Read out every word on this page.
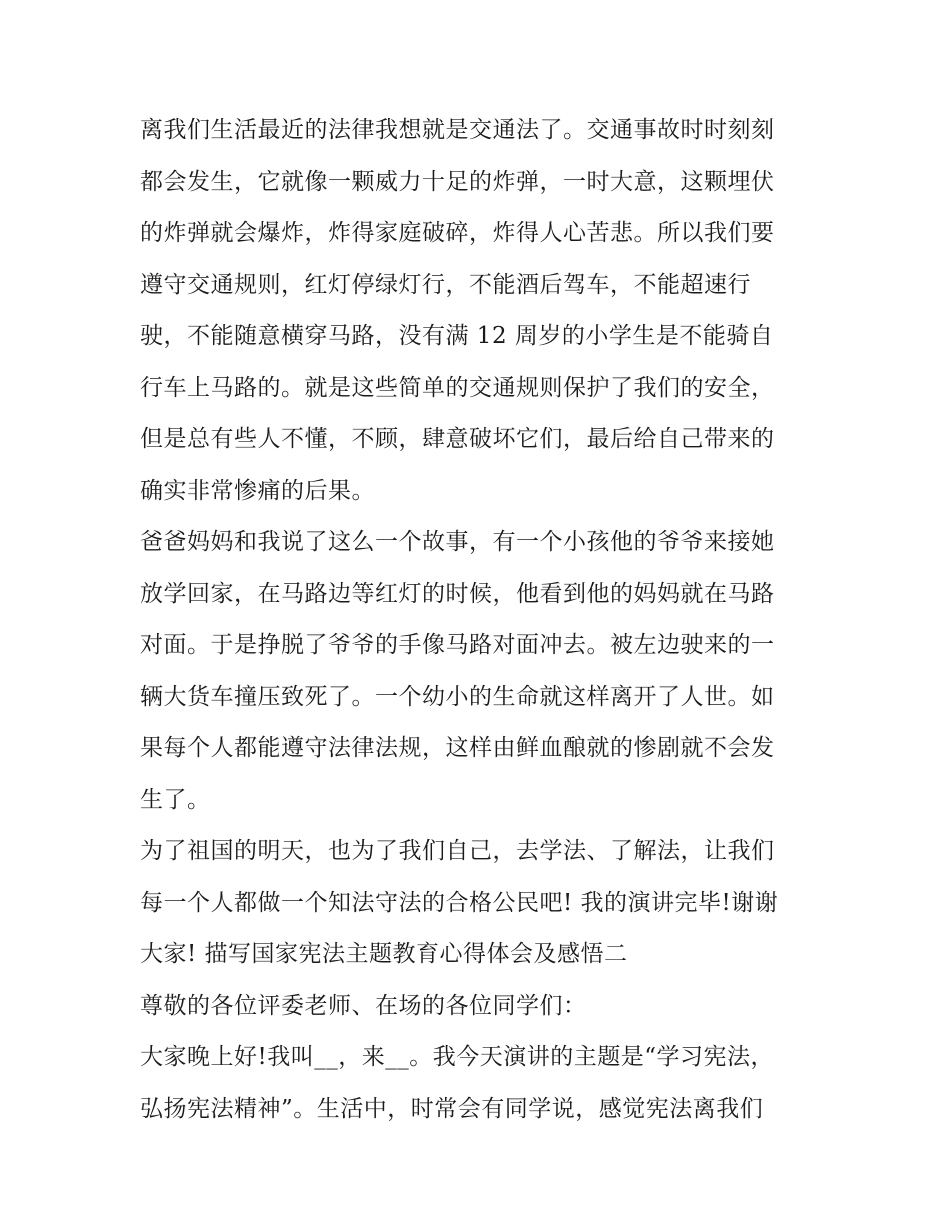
离我们生活最近的法律我想就是交通法了。交通事故时时刻刻
都会发生，它就像一颗威力十足的炸弹，一时大意，这颗埋伏
的炸弹就会爆炸，炸得家庭破碎，炸得人心苦悲。所以我们要
遵守交通规则，红灯停绿灯行，不能酒后驾车，不能超速行
驶，不能随意横穿马路，没有满 12 周岁的小学生是不能骑自
行车上马路的。就是这些简单的交通规则保护了我们的安全，
但是总有些人不懂，不顾，肆意破坏它们，最后给自己带来的
确实非常惨痛的后果。
爸爸妈妈和我说了这么一个故事，有一个小孩他的爷爷来接她
放学回家，在马路边等红灯的时候，他看到他的妈妈就在马路
对面。于是挣脱了爷爷的手像马路对面冲去。被左边驶来的一
辆大货车撞压致死了。一个幼小的生命就这样离开了人世。如
果每个人都能遵守法律法规，这样由鲜血酿就的惨剧就不会发
生了。
为了祖国的明天，也为了我们自己，去学法、了解法，让我们
每一个人都做一个知法守法的合格公民吧! 我的演讲完毕!谢谢
大家! 描写国家宪法主题教育心得体会及感悟二
尊敬的各位评委老师、在场的各位同学们：
大家晚上好!我叫__，来__。我今天演讲的主题是“学习宪法，
弘扬宪法精神”。生活中，时常会有同学说，感觉宪法离我们
